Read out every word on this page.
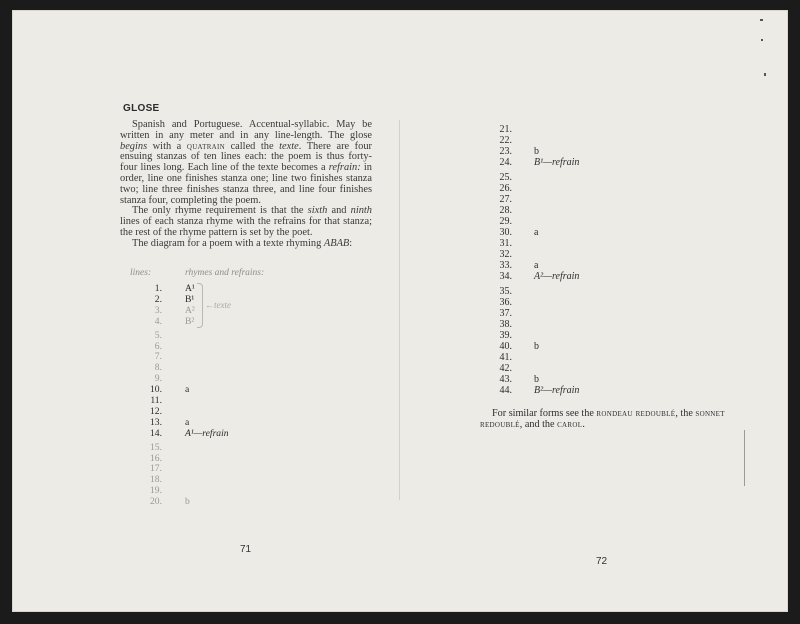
GLOSE

Spanish and Portuguese. Accentual-syllabic. May be written in any meter and in any line-length. The glose begins with a quatrain called the texte. There are four ensuing stanzas of ten lines each: the poem is thus forty-four lines long. Each line of the texte becomes a refrain: in order, line one finishes stanza one; line two finishes stanza two; line three finishes stanza three, and line four finishes stanza four, completing the poem.

The only rhyme requirement is that the sixth and ninth lines of each stanza rhyme with the refrains for that stanza; the rest of the rhyme pattern is set by the poet.

The diagram for a poem with a texte rhyming ABAB:

lines:	rhymes and refrains:
←texte
1. A¹
2. B¹
3. A²
4. B²
5.
6.
7.
8.
9.
10. a
11.
12.
13. a
14. A¹—refrain
15.
16.
17.
18.
19.
20. b
71
21.
22.
23. b
24. B¹—refrain
25.
26.
27.
28.
29.
30. a
31.
32.
33. a
34. A²—refrain
35.
36.
37.
38.
39.
40. b
41.
42.
43. b
44. B²—refrain
For similar forms see the rondeau redoublé, the sonnet redoublé, and the carol.
72
